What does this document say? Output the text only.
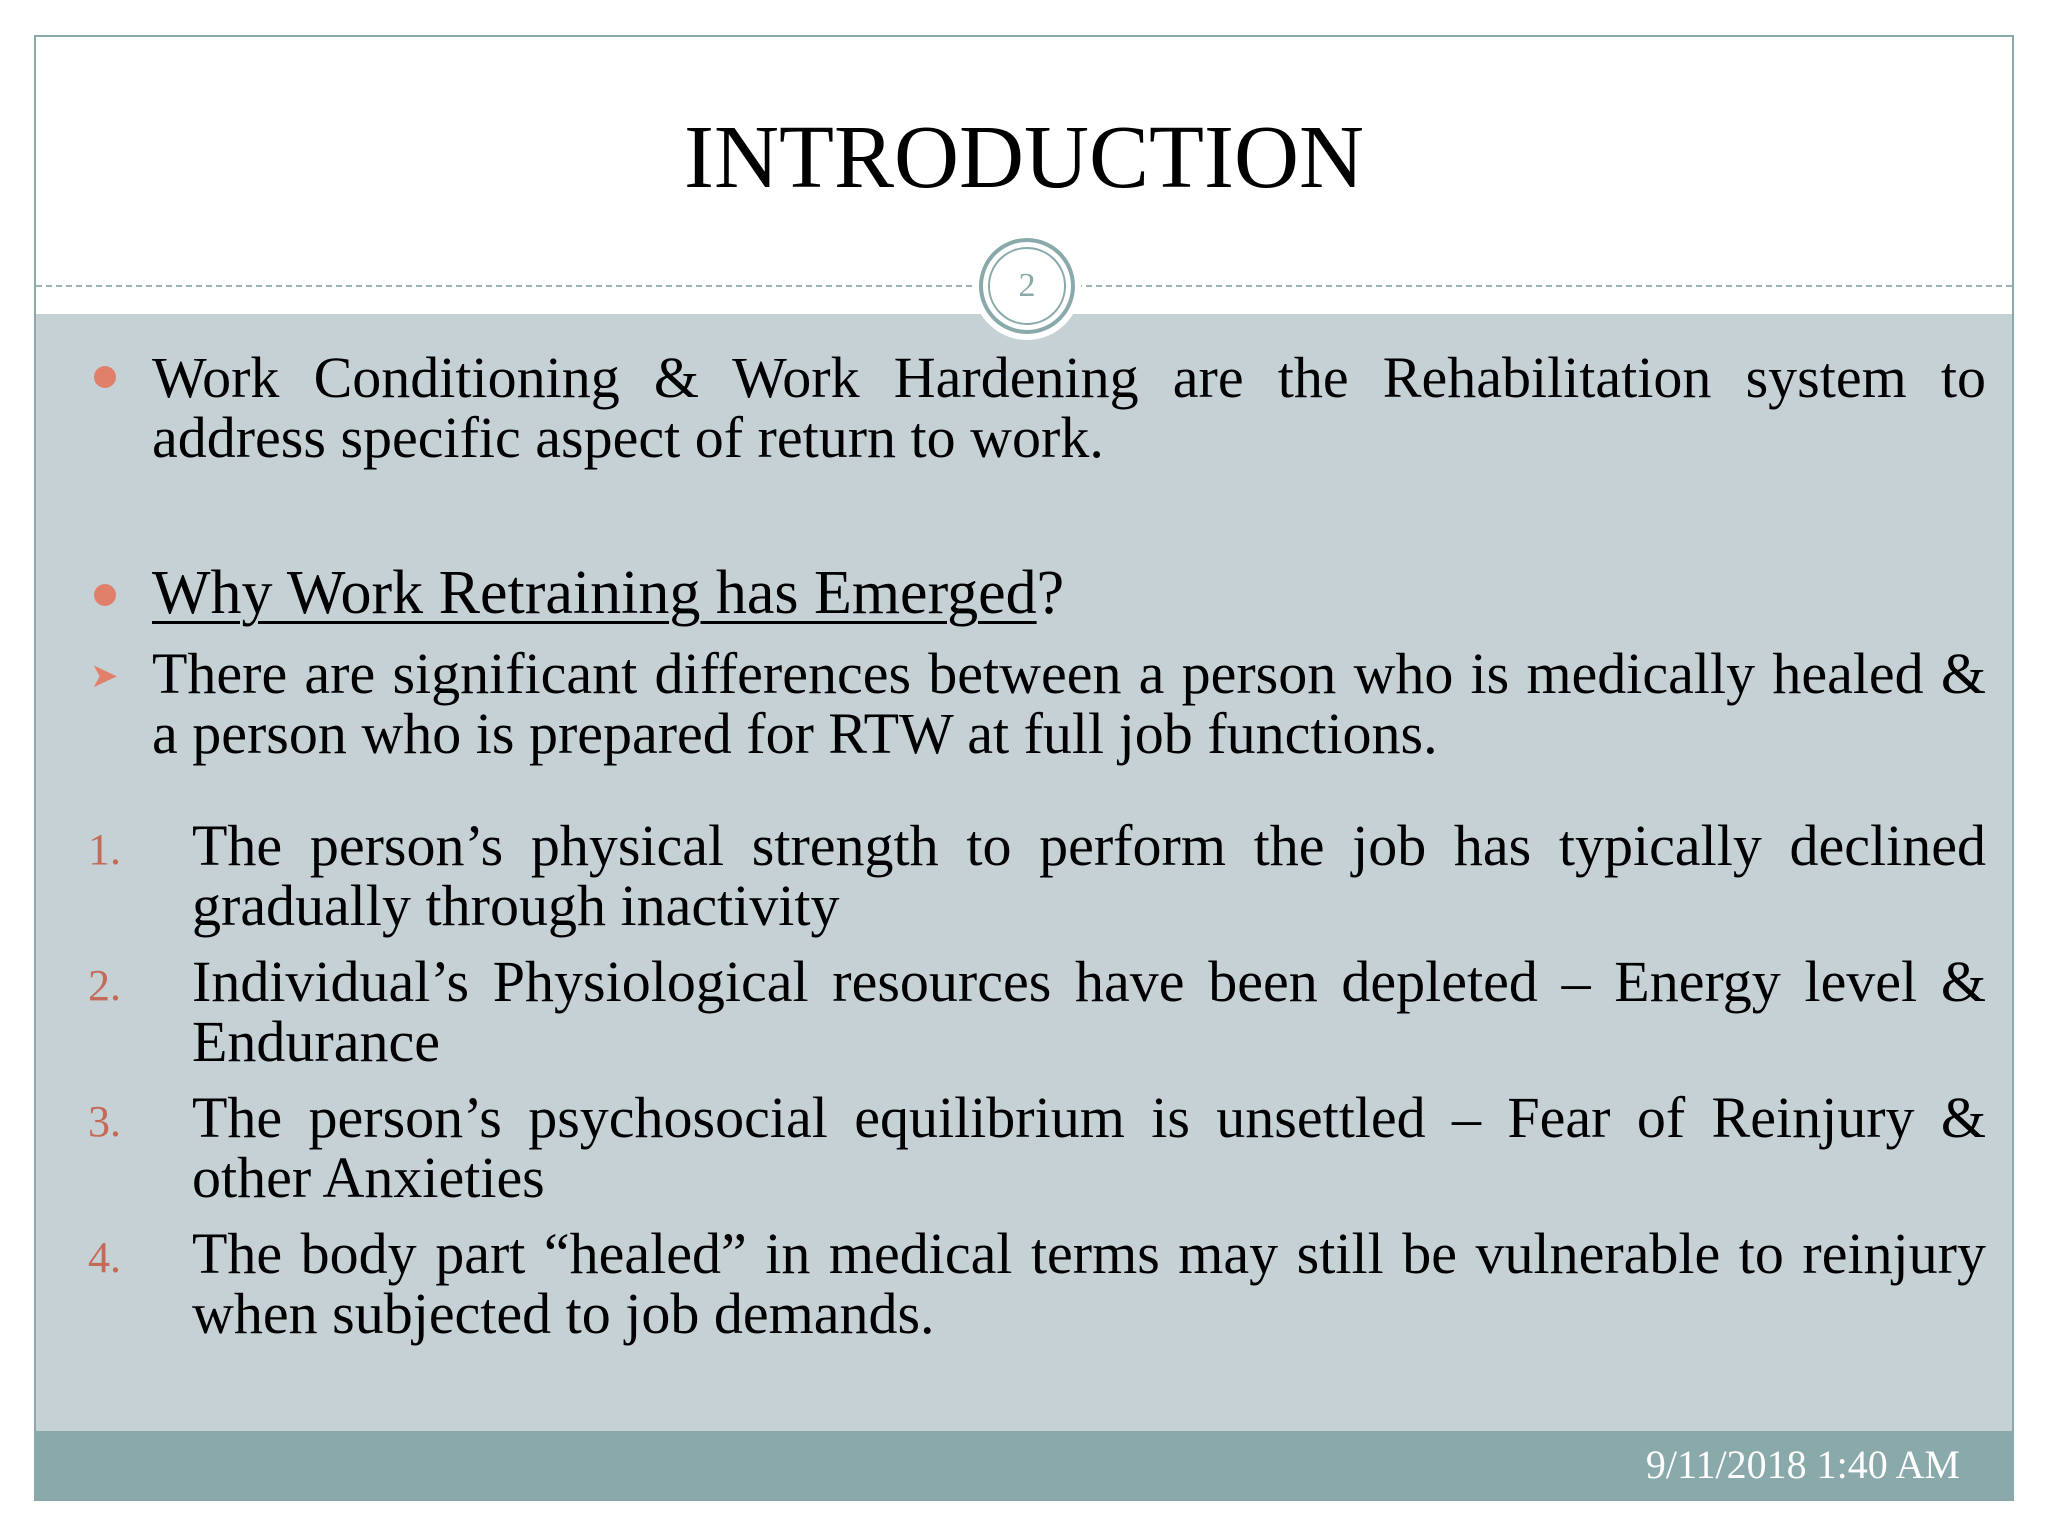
INTRODUCTION
Work Conditioning & Work Hardening are the Rehabilitation system to address specific aspect of return to work.
Why Work Retraining has Emerged?
➤ There are significant differences between a person who is medically healed & a person who is prepared for RTW at full job functions.
1. The person’s physical strength to perform the job has typically declined gradually through inactivity
2. Individual’s Physiological resources have been depleted – Energy level & Endurance
3. The person’s psychosocial equilibrium is unsettled – Fear of Reinjury & other Anxieties
4. The body part “healed” in medical terms may still be vulnerable to reinjury when subjected to job demands.
2
9/11/2018 1:40 AM
